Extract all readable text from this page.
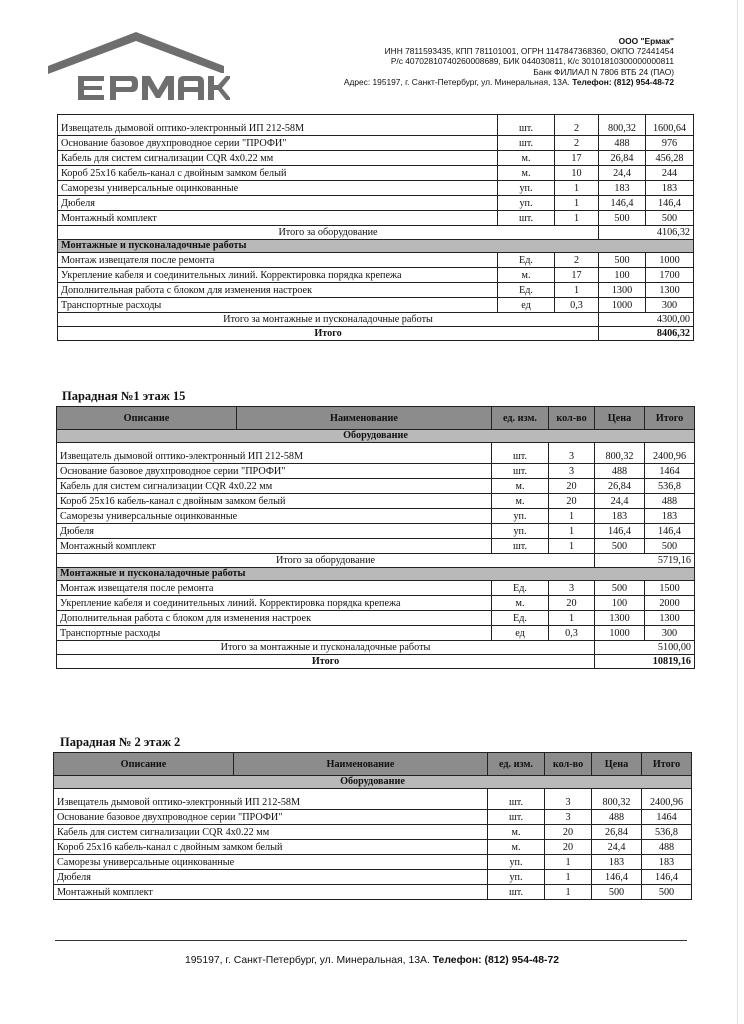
ООО "Ермак"
ИНН 7811593435, КПП 781101001, ОГРН 1147847368360, ОКПО 72441454
Р/с 40702810740260008689, БИК 044030811, К/с 30101810300000000811
Банк ФИЛИАЛ N 7806 ВТБ 24 (ПАО)
Адрес: 195197, г. Санкт-Петербург, ул. Минеральная, 13А. Телефон: (812) 954-48-72
Извещатель дымовой оптико-электронный ИП 212-58М	шт.	2	800,32	1600,64
Основание базовое двухпроводное серии "ПРОФИ"	шт.	2	488	976
Кабель для систем сигнализации CQR 4х0.22 мм	м.	17	26,84	456,28
Короб 25х16 кабель-канал с двойным замком белый	м.	10	24,4	244
Саморезы универсальные оцинкованные	уп.	1	183	183
Дюбеля	уп.	1	146,4	146,4
Монтажный комплект	шт.	1	500	500
Итого за оборудование			4106,32	
Монтажные и пусконаладочные работы				
Монтаж извещателя после ремонта	Ед.	2	500	1000
Укрепление кабеля и соединительных линий. Корректировка порядка крепежа	м.	17	100	1700
Дополнительная работа с блоком для изменения настроек	Ед.	1	1300	1300
Транспортные расходы	ед	0,3	1000	300
Итого за монтажные и пусконаладочные работы			4300,00	
Итого			8406,32	
Парадная №1 этаж 15
Описание	Наименование	ед. изм.	кол-во	Цена	Итого
Оборудование					
Извещатель дымовой оптико-электронный ИП 212-58М		шт.	3	800,32	2400,96
Основание базовое двухпроводное серии "ПРОФИ"		шт.	3	488	1464
Кабель для систем сигнализации CQR 4х0.22 мм		м.	20	26,84	536,8
Короб 25х16 кабель-канал с двойным замком белый		м.	20	24,4	488
Саморезы универсальные оцинкованные		уп.	1	183	183
Дюбеля		уп.	1	146,4	146,4
Монтажный комплект		шт.	1	500	500
Итого за оборудование				5719,16	
Монтажные и пусконаладочные работы					
Монтаж извещателя после ремонта		Ед.	3	500	1500
Укрепление кабеля и соединительных линий. Корректировка порядка крепежа		м.	20	100	2000
Дополнительная работа с блоком для изменения настроек		Ед.	1	1300	1300
Транспортные расходы		ед	0,3	1000	300
Итого за монтажные и пусконаладочные работы				5100,00	
Итого				10819,16	
Парадная № 2 этаж 2
Описание	Наименование	ед. изм.	кол-во	Цена	Итого
Оборудование					
Извещатель дымовой оптико-электронный ИП 212-58М		шт.	3	800,32	2400,96
Основание базовое двухпроводное серии "ПРОФИ"		шт.	3	488	1464
Кабель для систем сигнализации CQR 4х0.22 мм		м.	20	26,84	536,8
Короб 25х16 кабель-канал с двойным замком белый		м.	20	24,4	488
Саморезы универсальные оцинкованные		уп.	1	183	183
Дюбеля		уп.	1	146,4	146,4
Монтажный комплект		шт.	1	500	500
195197, г. Санкт-Петербург, ул. Минеральная, 13А. Телефон: (812) 954-48-72
